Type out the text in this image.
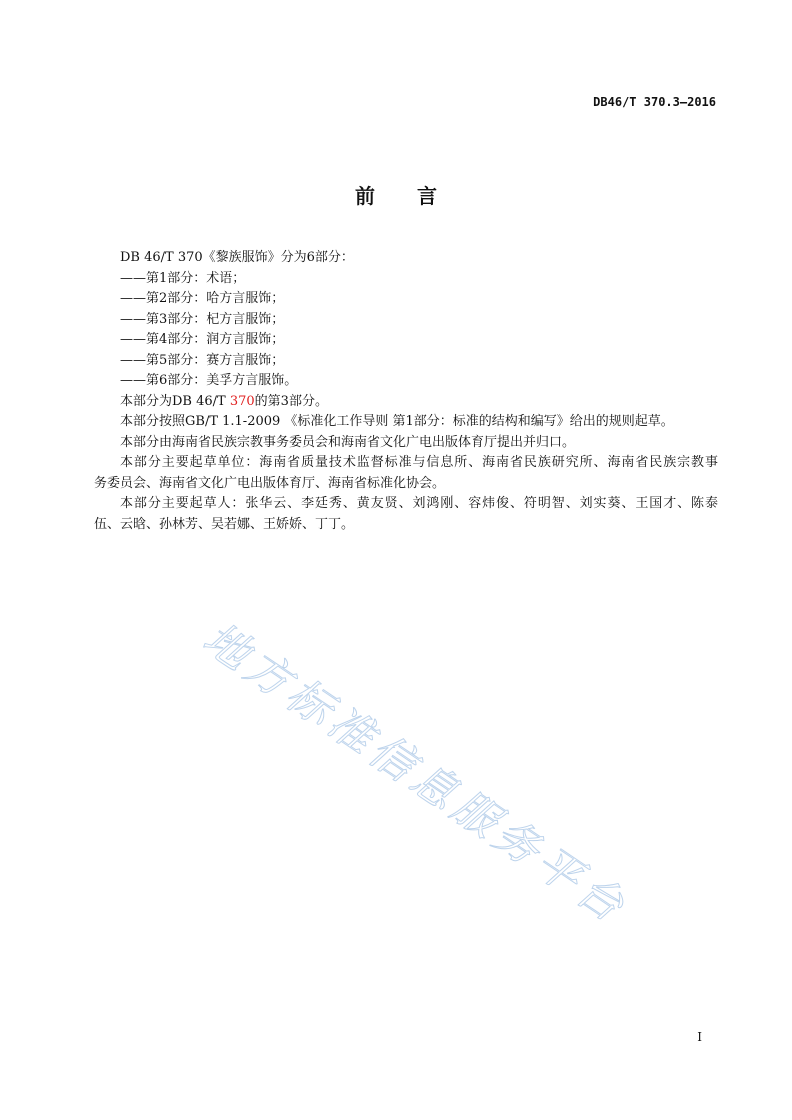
DB46/T 370.3—2016
前言

DB 46/T 370《黎族服饰》分为6部分：

——第1部分：术语；

——第2部分：哈方言服饰；

——第3部分：杞方言服饰；

——第4部分：润方言服饰；

——第5部分：赛方言服饰；

——第6部分：美孚方言服饰。

本部分为DB 46/T 370的第3部分。

本部分按照GB/T 1.1-2009 《标准化工作导则 第1部分：标准的结构和编写》给出的规则起草。

本部分由海南省民族宗教事务委员会和海南省文化广电出版体育厅提出并归口。

本部分主要起草单位：海南省质量技术监督标准与信息所、海南省民族研究所、海南省民族宗教事

务委员会、海南省文化广电出版体育厅、海南省标准化协会。

本部分主要起草人：张华云、李廷秀、黄友贤、刘鸿刚、容炜俊、符明智、刘实葵、王国才、陈泰

伍、云晗、孙林芳、吴若娜、王娇娇、丁丁。

地方标准信息服务平台
I
